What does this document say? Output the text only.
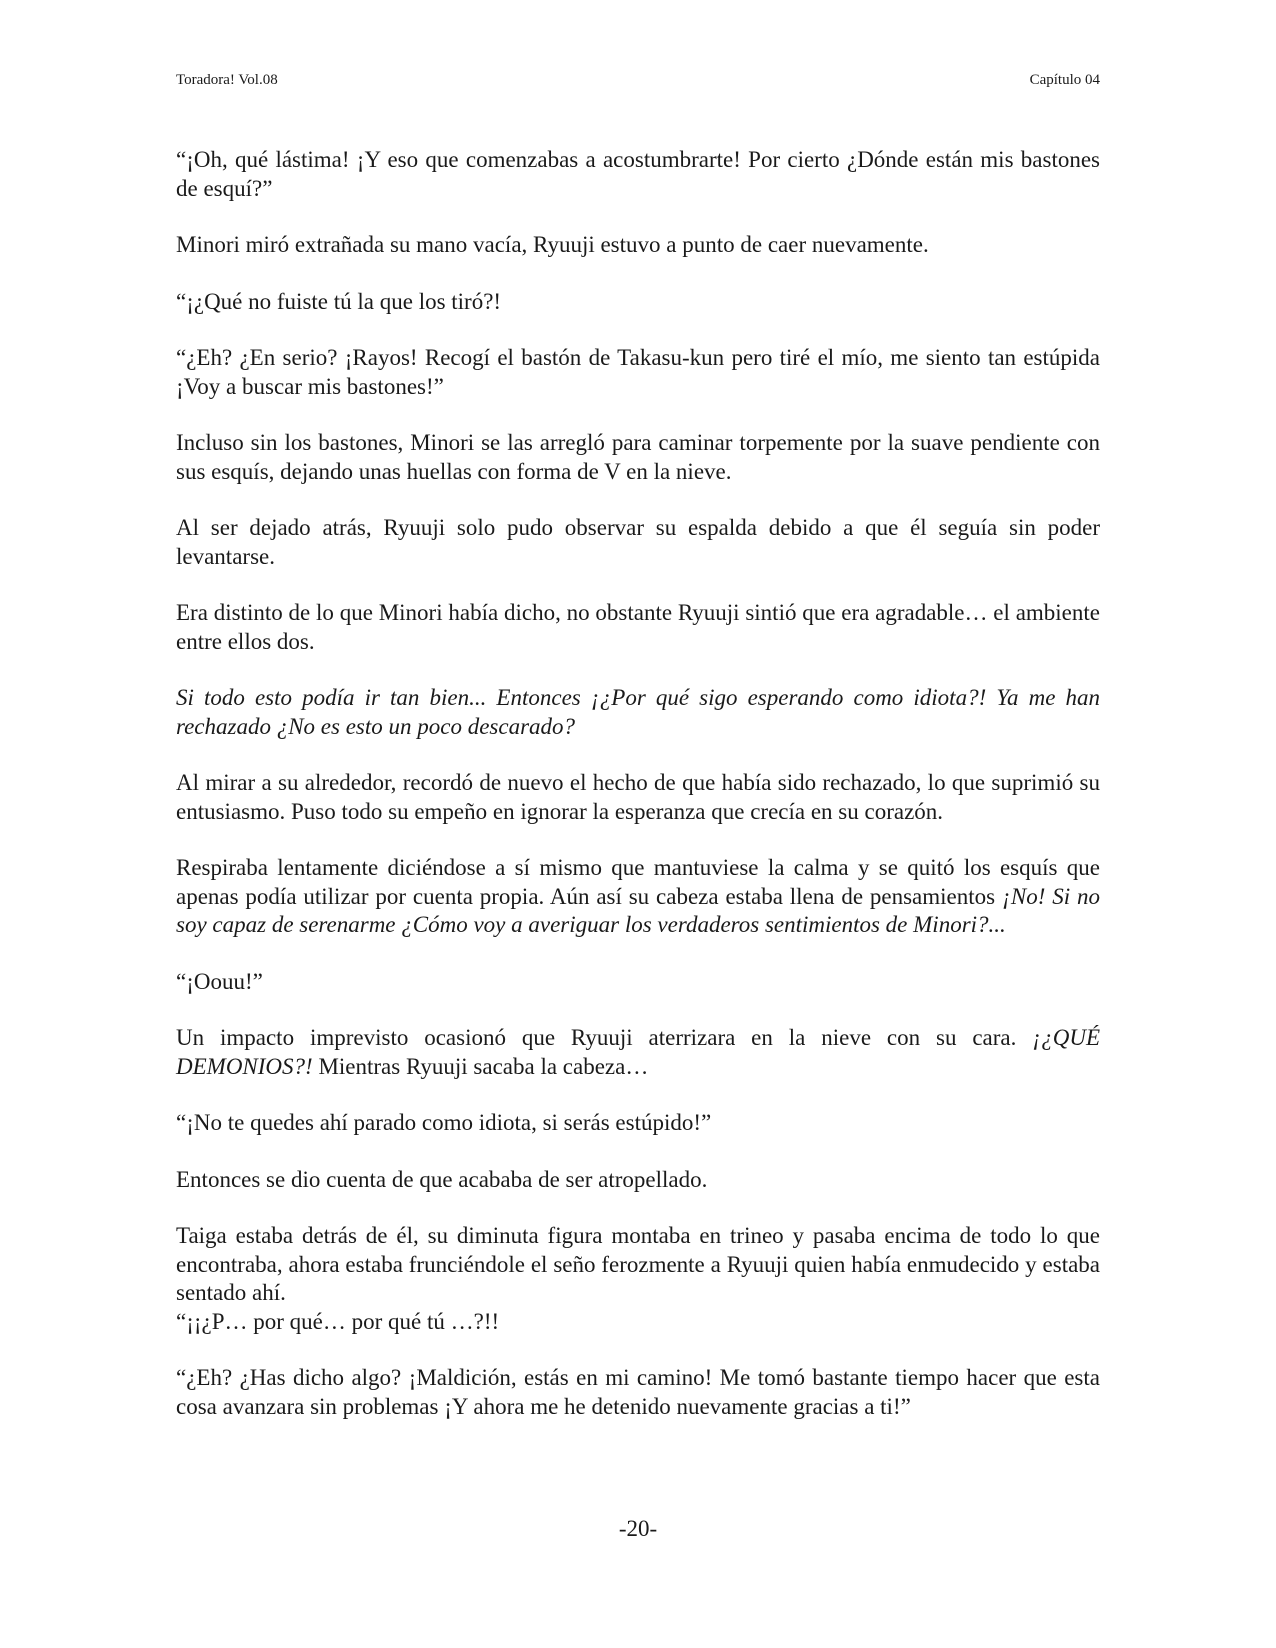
Toradora! Vol.08	Capítulo 04

“¡Oh, qué lástima! ¡Y eso que comenzabas a acostumbrarte! Por cierto ¿Dónde están mis bastones de esquí?”

Minori miró extrañada su mano vacía, Ryuuji estuvo a punto de caer nuevamente.

“¡¿Qué no fuiste tú la que los tiró?!

“¿Eh? ¿En serio? ¡Rayos! Recogí el bastón de Takasu-kun pero tiré el mío, me siento tan estúpida ¡Voy a buscar mis bastones!”

Incluso sin los bastones, Minori se las arregló para caminar torpemente por la suave pendiente con sus esquís, dejando unas huellas con forma de V en la nieve.

Al ser dejado atrás, Ryuuji solo pudo observar su espalda debido a que él seguía sin poder levantarse.

Era distinto de lo que Minori había dicho, no obstante Ryuuji sintió que era agradable… el ambiente entre ellos dos.

Si todo esto podía ir tan bien... Entonces ¡¿Por qué sigo esperando como idiota?! Ya me han rechazado ¿No es esto un poco descarado?

Al mirar a su alrededor, recordó de nuevo el hecho de que había sido rechazado, lo que suprimió su entusiasmo. Puso todo su empeño en ignorar la esperanza que crecía en su corazón.

Respiraba lentamente diciéndose a sí mismo que mantuviese la calma y se quitó los esquís que apenas podía utilizar por cuenta propia. Aún así su cabeza estaba llena de pensamientos ¡No! Si no soy capaz de serenarme ¿Cómo voy a averiguar los verdaderos sentimientos de Minori?...

“¡Oouu!”

Un impacto imprevisto ocasionó que Ryuuji aterrizara en la nieve con su cara. ¡¿QUÉ DEMONIOS?! Mientras Ryuuji sacaba la cabeza…

“¡No te quedes ahí parado como idiota, si serás estúpido!”

Entonces se dio cuenta de que acababa de ser atropellado.

Taiga estaba detrás de él, su diminuta figura montaba en trineo y pasaba encima de todo lo que encontraba, ahora estaba frunciéndole el seño ferozmente a Ryuuji quien había enmudecido y estaba sentado ahí.

“¡¡¿P… por qué… por qué tú …?!!

“¿Eh? ¿Has dicho algo? ¡Maldición, estás en mi camino! Me tomó bastante tiempo hacer que esta cosa avanzara sin problemas ¡Y ahora me he detenido nuevamente gracias a ti!”

-20-
